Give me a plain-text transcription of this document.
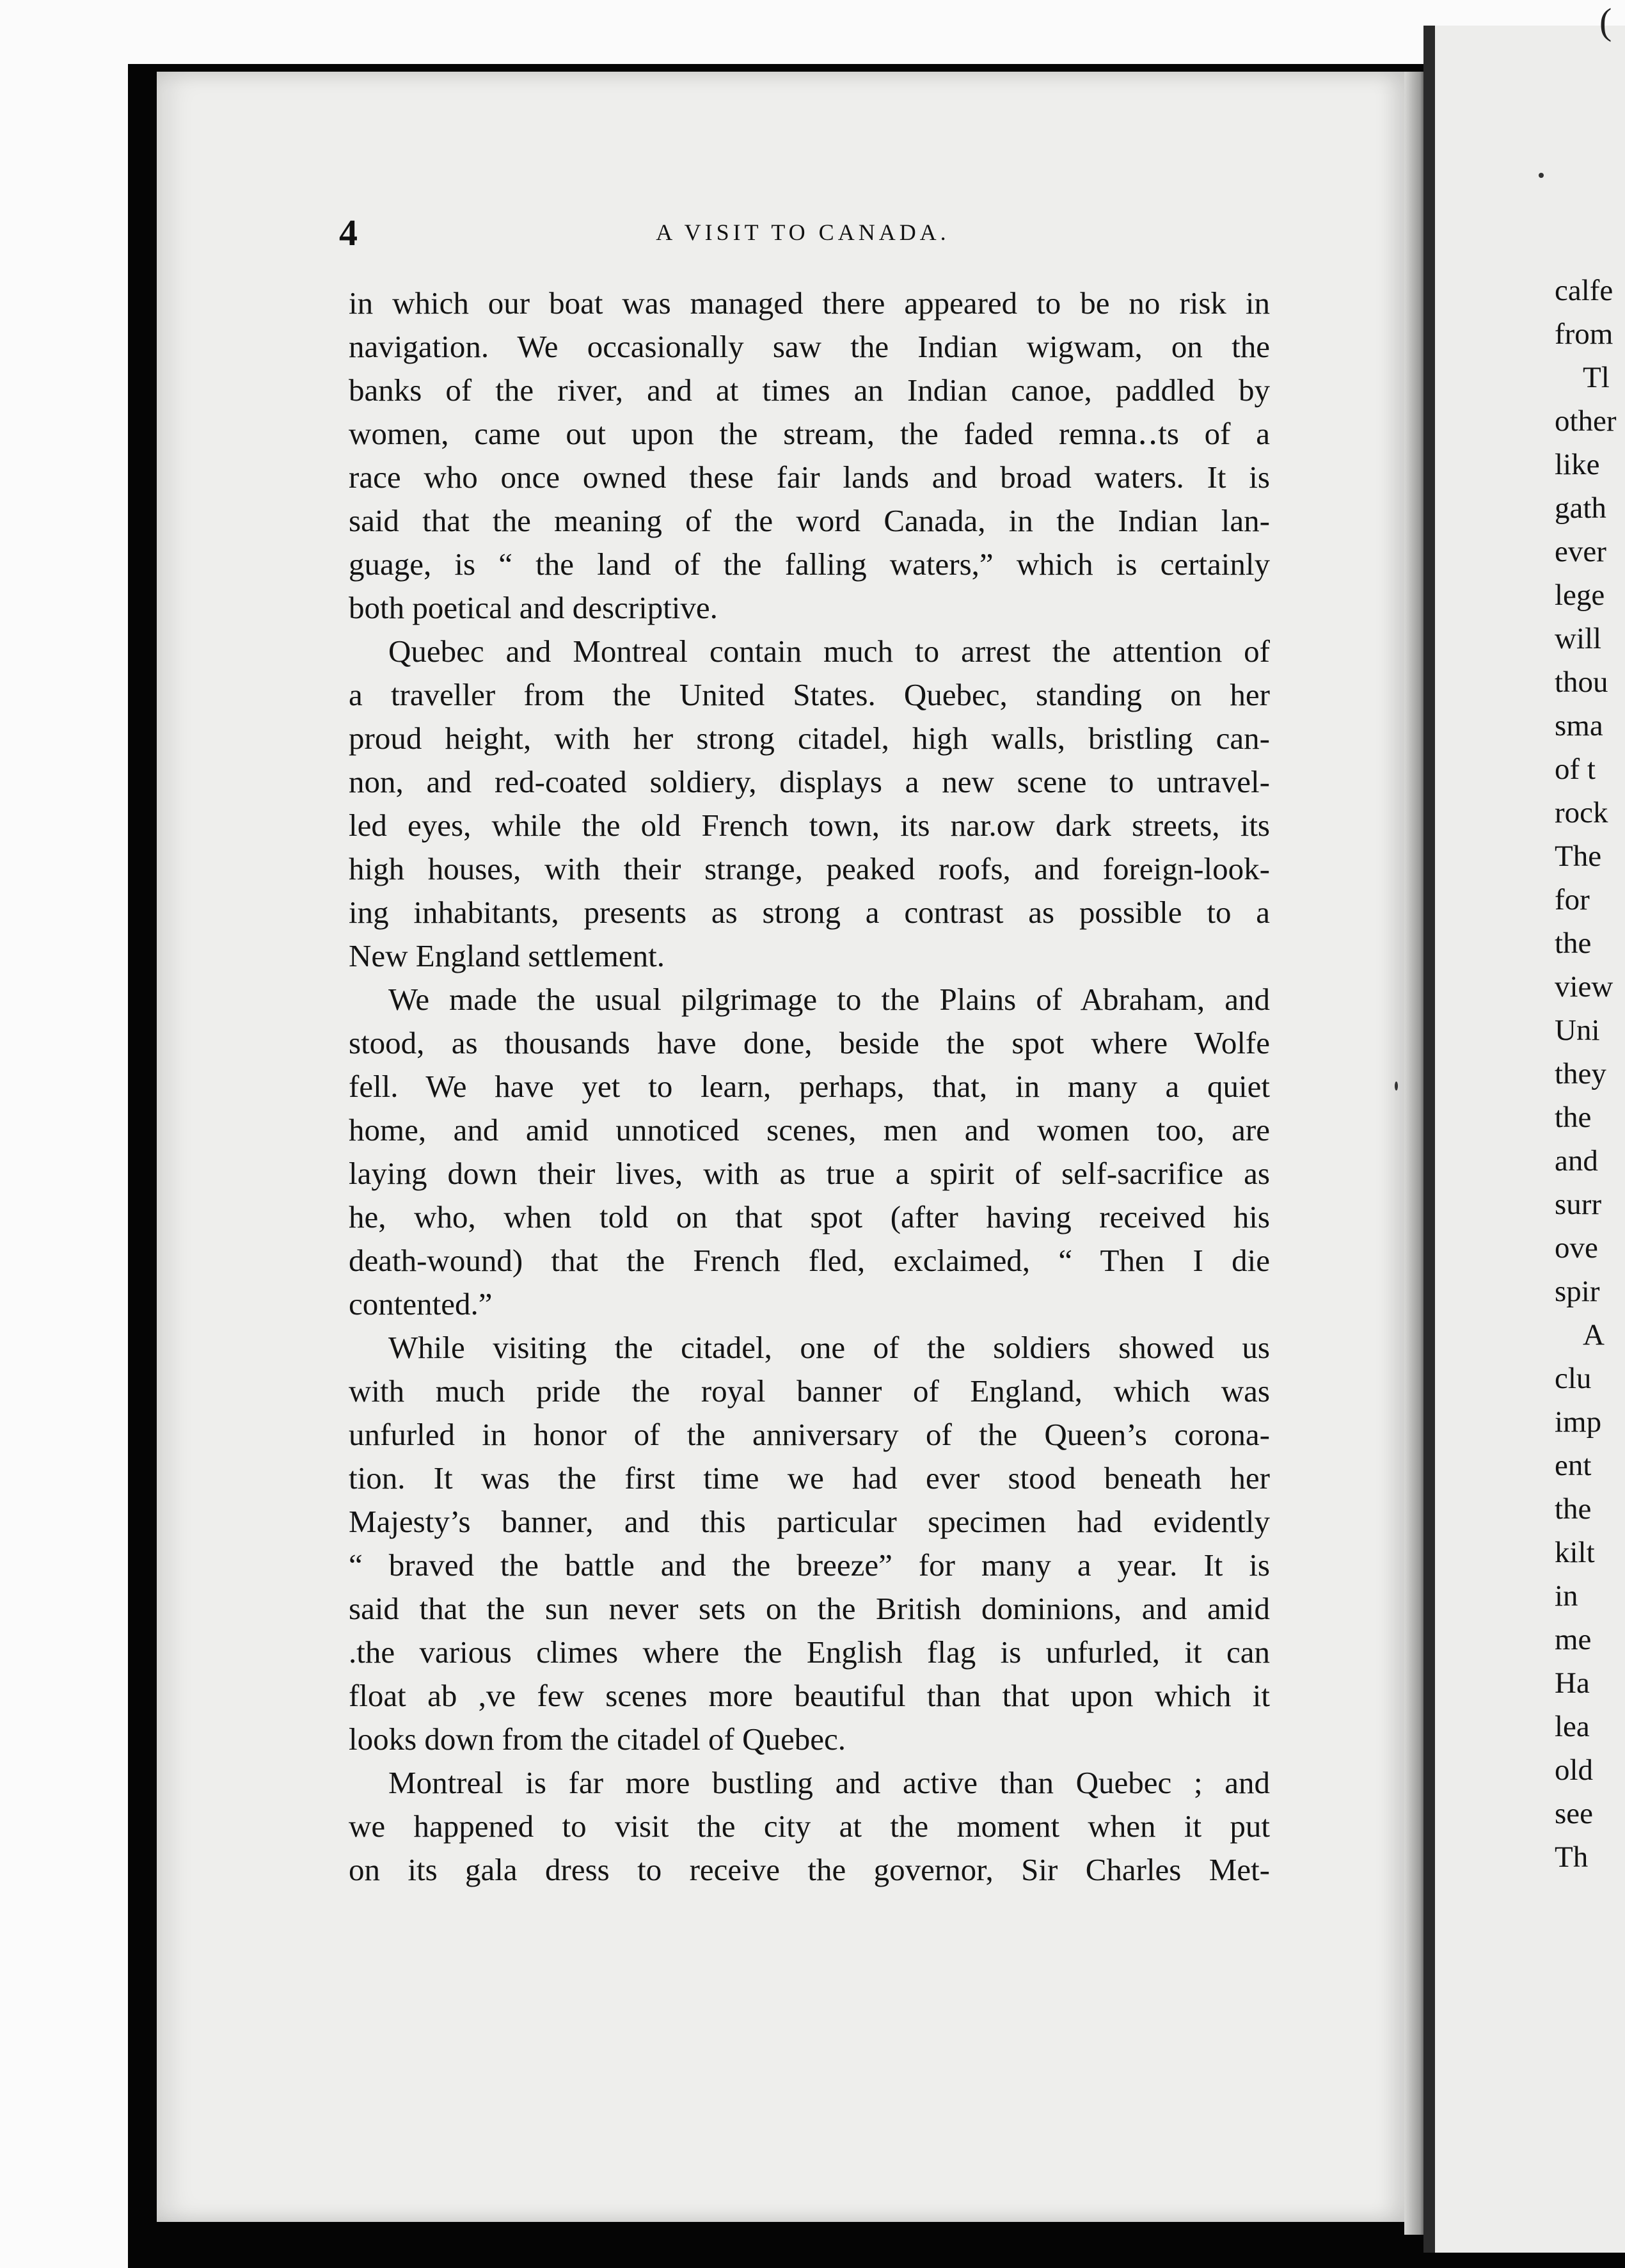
(
4	A VISIT TO CANADA.
in which our boat was managed there appeared to be no risk in
navigation. We occasionally saw the Indian wigwam, on the
banks of the river, and at times an Indian canoe, paddled by
women, came out upon the stream, the faded remna․․ts of a
race who once owned these fair lands and broad waters. It is
said that the meaning of the word Canada, in the Indian lan-
guage, is “ the land of the falling waters,” which is certainly
both poetical and descriptive.
Quebec and Montreal contain much to arrest the attention of
a traveller from the United States. Quebec, standing on her
proud height, with her strong citadel, high walls, bristling can-
non, and red-coated soldiery, displays a new scene to untravel-
led eyes, while the old French town, its nar.ow dark streets, its
high houses, with their strange, peaked roofs, and foreign-look-
ing inhabitants, presents as strong a contrast as possible to a
New England settlement.
We made the usual pilgrimage to the Plains of Abraham, and
stood, as thousands have done, beside the spot where Wolfe
fell. We have yet to learn, perhaps, that, in many a quiet
home, and amid unnoticed scenes, men and women too, are
laying down their lives, with as true a spirit of self-sacrifice as
he, who, when told on that spot (after having received his
death-wound) that the French fled, exclaimed, “ Then I die
contented.”
While visiting the citadel, one of the soldiers showed us
with much pride the royal banner of England, which was
unfurled in honor of the anniversary of the Queen’s corona-
tion. It was the first time we had ever stood beneath her
Majesty’s banner, and this particular specimen had evidently
“ braved the battle and the breeze” for many a year. It is
said that the sun never sets on the British dominions, and amid
.the various climes where the English flag is unfurled, it can
float ab ,ve few scenes more beautiful than that upon which it
looks down from the citadel of Quebec.
Montreal is far more bustling and active than Quebec ; and
we happened to visit the city at the moment when it put
on its gala dress to receive the governor, Sir Charles Met-
calfe
from
Tl
other
like
gath
ever
lege
will
thou
sma
of t
rock
The
for
the
view
Uni
they
the
and
surr
ove
spir
A
clu
imp
ent
the
kilt
in
me
Ha
lea
old
see
Th
